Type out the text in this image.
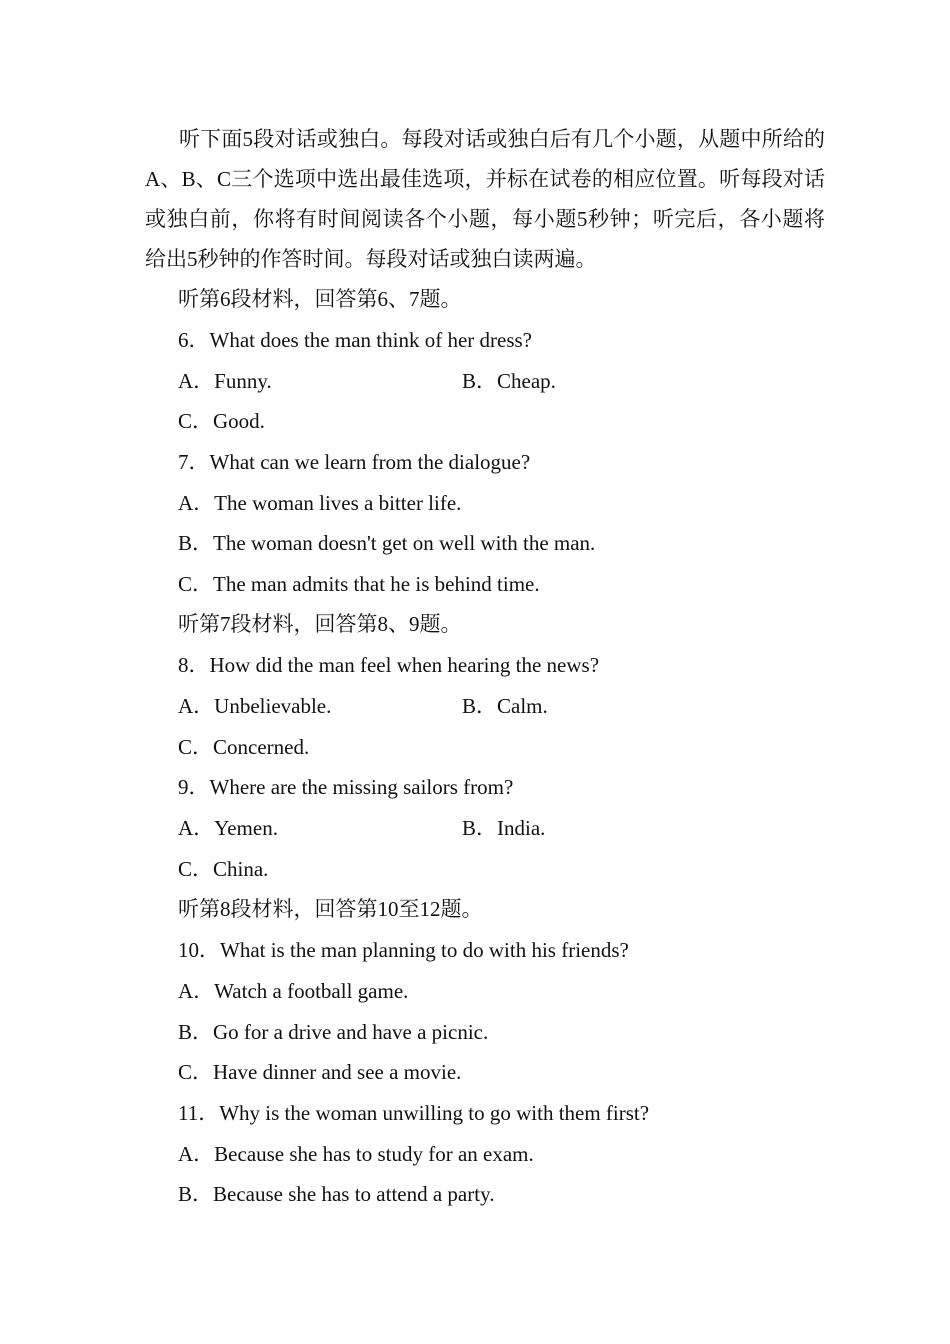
听下面5段对话或独白。每段对话或独白后有几个小题，从题中所给的A、B、C三个选项中选出最佳选项，并标在试卷的相应位置。听每段对话或独白前，你将有时间阅读各个小题，每小题5秒钟；听完后，各小题将给出5秒钟的作答时间。每段对话或独白读两遍。

听第6段材料，回答第6、7题。
6．What does the man think of her dress?
A．Funny.	B．Cheap.
C．Good.
7．What can we learn from the dialogue?
A．The woman lives a bitter life.
B．The woman doesn't get on well with the man.
C．The man admits that he is behind time.
听第7段材料，回答第8、9题。
8．How did the man feel when hearing the news?
A．Unbelievable.	B．Calm.
C．Concerned.
9．Where are the missing sailors from?
A．Yemen.	B．India.
C．China.
听第8段材料，回答第10至12题。
10．What is the man planning to do with his friends?
A．Watch a football game.
B．Go for a drive and have a picnic.
C．Have dinner and see a movie.
11．Why is the woman unwilling to go with them first?
A．Because she has to study for an exam.
B．Because she has to attend a party.
